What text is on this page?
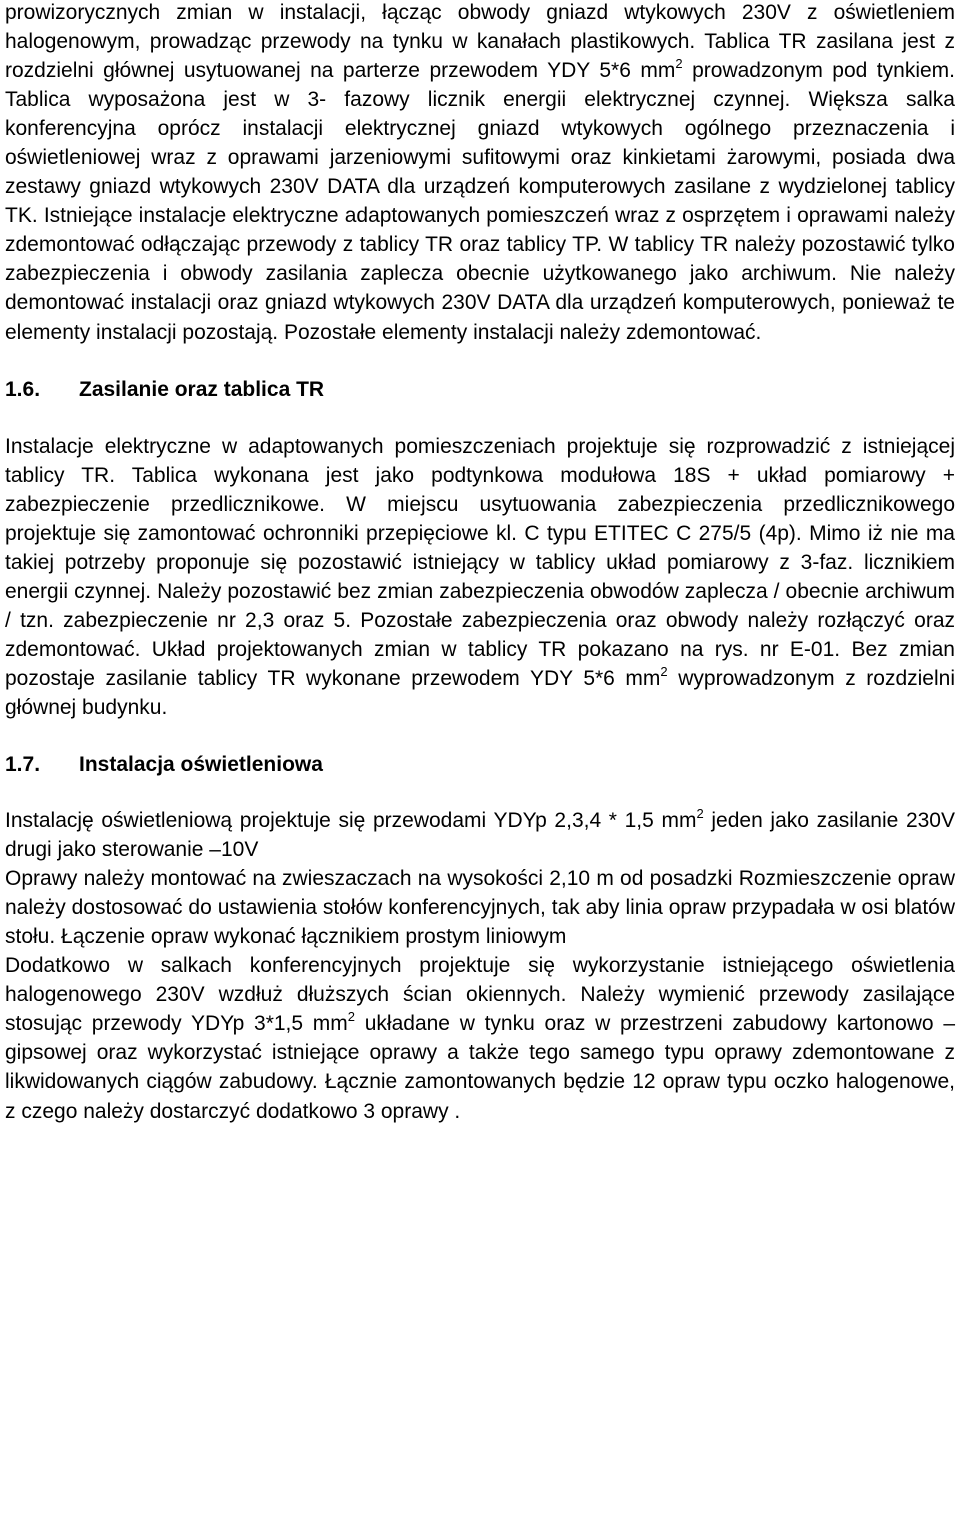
prowizorycznych zmian w instalacji, łącząc obwody gniazd wtykowych 230V z oświetleniem halogenowym, prowadząc przewody na tynku w kanałach plastikowych. Tablica TR zasilana jest z rozdzielni głównej usytuowanej na parterze przewodem YDY 5*6 $mm^2$ prowadzonym pod tynkiem. Tablica wyposażona jest w 3- fazowy licznik energii elektrycznej czynnej. Większa salka konferencyjna oprócz instalacji elektrycznej gniazd wtykowych ogólnego przeznaczenia i oświetleniowej wraz z oprawami jarzeniowymi sufitowymi oraz kinkietami żarowymi, posiada dwa zestawy gniazd wtykowych 230V DATA dla urządzeń komputerowych zasilane z wydzielonej tablicy TK. Istniejące instalacje elektryczne adaptowanych pomieszczeń wraz z osprzętem i oprawami należy zdemontować odłączając przewody z tablicy TR oraz tablicy TP. W tablicy TR należy pozostawić tylko zabezpieczenia i obwody zasilania zaplecza obecnie użytkowanego jako archiwum. Nie należy demontować instalacji oraz gniazd wtykowych 230V DATA dla urządzeń komputerowych, ponieważ te elementy instalacji pozostają. Pozostałe elementy instalacji należy zdemontować.

1.6. Zasilanie oraz tablica TR

Instalacje elektryczne w adaptowanych pomieszczeniach projektuje się rozprowadzić z istniejącej tablicy TR. Tablica wykonana jest jako podtynkowa modułowa 18S + układ pomiarowy + zabezpieczenie przedlicznikowe. W miejscu usytuowania zabezpieczenia przedlicznikowego projektuje się zamontować ochronniki przepięciowe kl. C typu ETITEC C 275/5 (4p). Mimo iż nie ma takiej potrzeby proponuje się pozostawić istniejący w tablicy układ pomiarowy z 3-faz. licznikiem energii czynnej. Należy pozostawić bez zmian zabezpieczenia obwodów zaplecza / obecnie archiwum / tzn. zabezpieczenie nr 2,3 oraz 5. Pozostałe zabezpieczenia oraz obwody należy rozłączyć oraz zdemontować. Układ projektowanych zmian w tablicy TR pokazano na rys. nr E-01. Bez zmian pozostaje zasilanie tablicy TR wykonane przewodem YDY 5*6 $mm^2$ wyprowadzonym z rozdzielni głównej budynku.

1.7. Instalacja oświetleniowa

Instalację oświetleniową projektuje się przewodami YDYp 2,3,4 * 1,5 $mm^2$ jeden jako zasilanie 230V drugi jako sterowanie –10V

Oprawy należy montować na zwieszaczach na wysokości 2,10 m od posadzki Rozmieszczenie opraw należy dostosować do ustawienia stołów konferencyjnych, tak aby linia opraw przypadała w osi blatów stołu. Łączenie opraw wykonać łącznikiem prostym liniowym

Dodatkowo w salkach konferencyjnych projektuje się wykorzystanie istniejącego oświetlenia halogenowego 230V wzdłuż dłuższych ścian okiennych. Należy wymienić przewody zasilające stosując przewody YDYp 3*1,5 $mm^2$ układane w tynku oraz w przestrzeni zabudowy kartonowo – gipsowej oraz wykorzystać istniejące oprawy a także tego samego typu oprawy zdemontowane z likwidowanych ciągów zabudowy. Łącznie zamontowanych będzie 12 opraw typu oczko halogenowe, z czego należy dostarczyć dodatkowo 3 oprawy .
